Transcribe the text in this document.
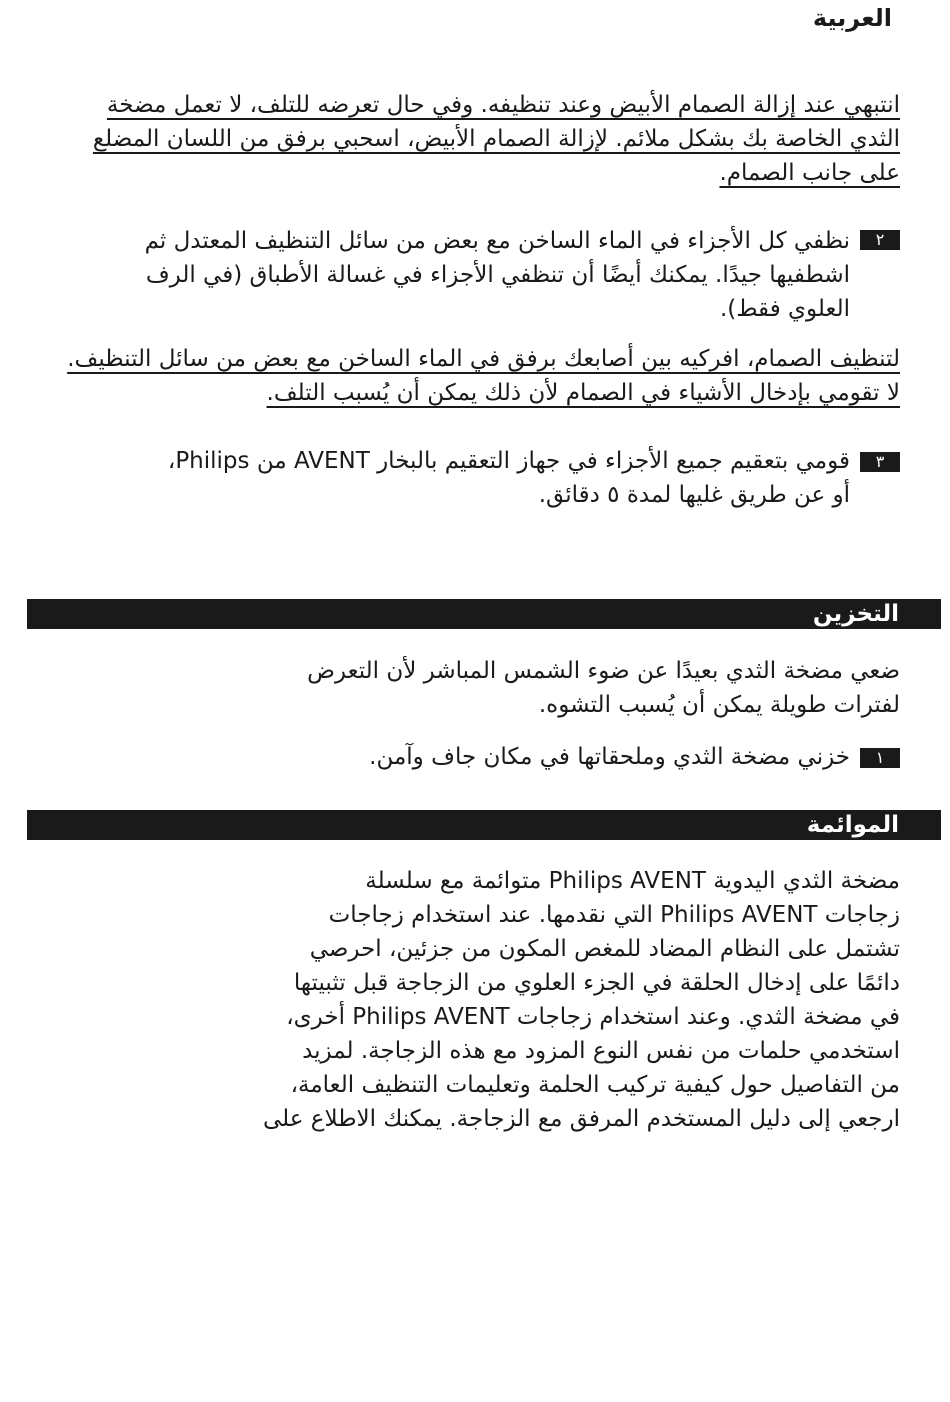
العربية
انتبهي عند إزالة الصمام الأبيض وعند تنظيفه. وفي حال تعرضه للتلف، لا تعمل مضخة
الثدي الخاصة بك بشكل ملائم. لإزالة الصمام الأبيض، اسحبي برفق من اللسان المضلع
على جانب الصمام.
٢
نظفي كل الأجزاء في الماء الساخن مع بعض من سائل التنظيف المعتدل ثم
اشطفيها جيدًا. يمكنك أيضًا أن تنظفي الأجزاء في غسالة الأطباق (في الرف
العلوي فقط).
لتنظيف الصمام، افركيه بين أصابعك برفق في الماء الساخن مع بعض من سائل التنظيف.
لا تقومي بإدخال الأشياء في الصمام لأن ذلك يمكن أن يُسبب التلف.
٣
قومي بتعقيم جميع الأجزاء في جهاز التعقيم بالبخار AVENT من Philips،
أو عن طريق غليها لمدة ٥ دقائق.
التخزين
ضعي مضخة الثدي بعيدًا عن ضوء الشمس المباشر لأن التعرض
لفترات طويلة يمكن أن يُسبب التشوه.
١
خزني مضخة الثدي وملحقاتها في مكان جاف وآمن.
الموائمة
مضخة الثدي اليدوية Philips AVENT متوائمة مع سلسلة
زجاجات Philips AVENT التي نقدمها. عند استخدام زجاجات
تشتمل على النظام المضاد للمغص المكون من جزئين، احرصي
دائمًا على إدخال الحلقة في الجزء العلوي من الزجاجة قبل تثبيتها
في مضخة الثدي. وعند استخدام زجاجات Philips AVENT أخرى،
استخدمي حلمات من نفس النوع المزود مع هذه الزجاجة. لمزيد
من التفاصيل حول كيفية تركيب الحلمة وتعليمات التنظيف العامة،
ارجعي إلى دليل المستخدم المرفق مع الزجاجة. يمكنك الاطلاع على
